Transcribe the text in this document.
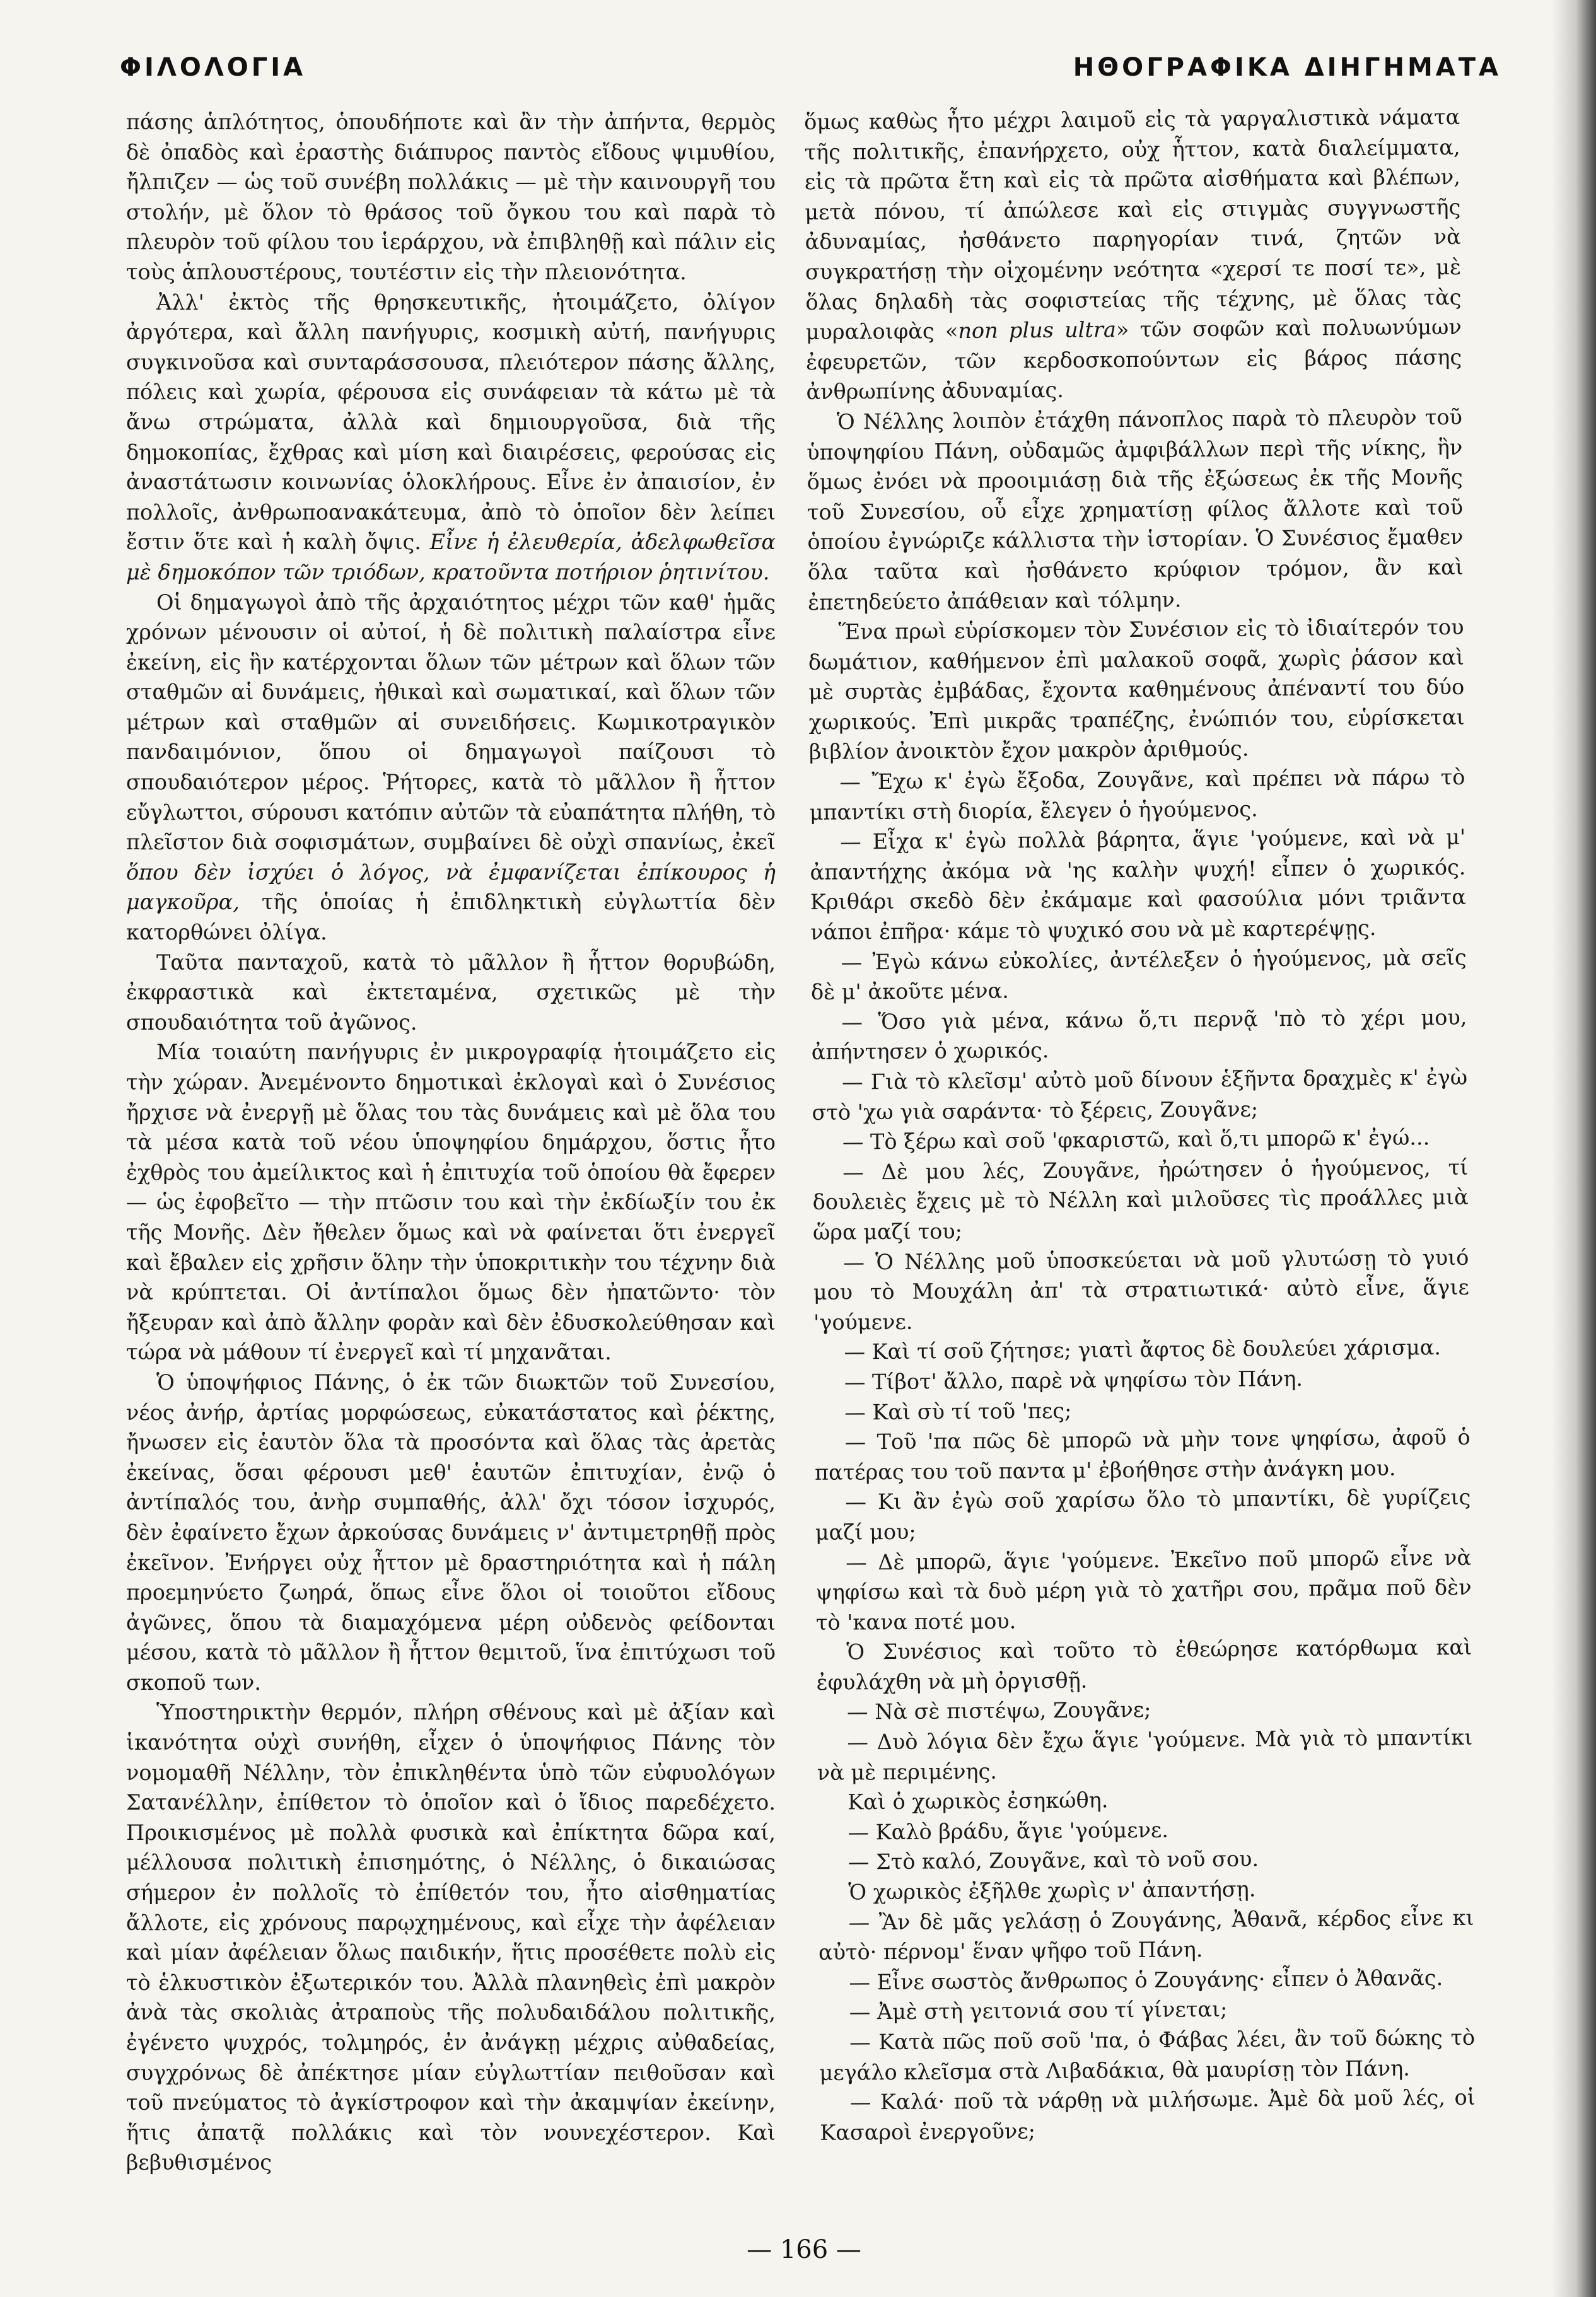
ΦΙΛΟΛΟΓΙΑ	ΗΘΟΓΡΑΦΙΚΑ ΔΙΗΓΗΜΑΤΑ

πάσης ἁπλότητος, ὁπουδήποτε καὶ ἂν τὴν ἀπήντα, θερμὸς δὲ ὀπαδὸς καὶ ἐραστὴς διάπυρος παντὸς εἴδους ψιμυθίου, ἤλπιζεν — ὡς τοῦ συνέβη πολλάκις — μὲ τὴν καινουργῆ του στολήν, μὲ ὅλον τὸ θράσος τοῦ ὄγκου του καὶ παρὰ τὸ πλευρὸν τοῦ φίλου του ἱεράρχου, νὰ ἐπιβληθῇ καὶ πάλιν εἰς τοὺς ἁπλουστέρους, τουτέστιν εἰς τὴν πλειονότητα.

Ἀλλ' ἐκτὸς τῆς θρησκευτικῆς, ἡτοιμάζετο, ὀλίγον ἀργότερα, καὶ ἄλλη πανήγυρις, κοσμικὴ αὐτή, πανήγυρις συγκινοῦσα καὶ συνταράσσουσα, πλειότερον πάσης ἄλλης, πόλεις καὶ χωρία, φέρουσα εἰς συνάφειαν τὰ κάτω μὲ τὰ ἄνω στρώματα, ἀλλὰ καὶ δημιουργοῦσα, διὰ τῆς δημοκοπίας, ἔχθρας καὶ μίση καὶ διαιρέσεις, φερούσας εἰς ἀναστάτωσιν κοινωνίας ὁλοκλήρους. Εἶνε ἐν ἀπαισίον, ἐν πολλοῖς, ἀνθρωποανακάτευμα, ἀπὸ τὸ ὁποῖον δὲν λείπει ἔστιν ὅτε καὶ ἡ καλὴ ὄψις. Εἶνε ἡ ἐλευθερία, ἀδελφωθεῖσα μὲ δημοκόπον τῶν τριόδων, κρατοῦντα ποτήριον ῥητινίτου.

Οἱ δημαγωγοὶ ἀπὸ τῆς ἀρχαιότητος μέχρι τῶν καθ' ἡμᾶς χρόνων μένουσιν οἱ αὐτοί, ἡ δὲ πολιτικὴ παλαίστρα εἶνε ἐκείνη, εἰς ἣν κατέρχονται ὅλων τῶν μέτρων καὶ ὅλων τῶν σταθμῶν αἱ δυνάμεις, ἠθικαὶ καὶ σωματικαί, καὶ ὅλων τῶν μέτρων καὶ σταθμῶν αἱ συνειδήσεις. Κωμικοτραγικὸν πανδαιμόνιον, ὅπου οἱ δημαγωγοὶ παίζουσι τὸ σπουδαιότερον μέρος. Ῥήτορες, κατὰ τὸ μᾶλλον ἢ ἧττον εὔγλωττοι, σύρουσι κατόπιν αὐτῶν τὰ εὐαπάτητα πλήθη, τὸ πλεῖστον διὰ σοφισμάτων, συμβαίνει δὲ οὐχὶ σπανίως, ἐκεῖ ὅπου δὲν ἰσχύει ὁ λόγος, νὰ ἐμφανίζεται ἐπίκουρος ἡ μαγκοῦρα, τῆς ὁποίας ἡ ἐπιδληκτικὴ εὐγλωττία δὲν κατορθώνει ὀλίγα.

Ταῦτα πανταχοῦ, κατὰ τὸ μᾶλλον ἢ ἧττον θορυβώδη, ἐκφραστικὰ καὶ ἐκτεταμένα, σχετικῶς μὲ τὴν σπουδαιότητα τοῦ ἀγῶνος.

Μία τοιαύτη πανήγυρις ἐν μικρογραφίᾳ ἡτοιμάζετο εἰς τὴν χώραν. Ἀνεμένοντο δημοτικαὶ ἐκλογαὶ καὶ ὁ Συνέσιος ἤρχισε νὰ ἐνεργῇ μὲ ὅλας του τὰς δυνάμεις καὶ μὲ ὅλα του τὰ μέσα κατὰ τοῦ νέου ὑποψηφίου δημάρχου, ὅστις ἦτο ἐχθρὸς του ἀμείλικτος καὶ ἡ ἐπιτυχία τοῦ ὁποίου θὰ ἔφερεν — ὡς ἐφοβεῖτο — τὴν πτῶσιν του καὶ τὴν ἐκδίωξίν του ἐκ τῆς Μονῆς. Δὲν ἤθελεν ὅμως καὶ νὰ φαίνεται ὅτι ἐνεργεῖ καὶ ἔβαλεν εἰς χρῆσιν ὅλην τὴν ὑποκριτικὴν του τέχνην διὰ νὰ κρύπτεται. Οἱ ἀντίπαλοι ὅμως δὲν ἠπατῶντο· τὸν ἤξευραν καὶ ἀπὸ ἄλλην φορὰν καὶ δὲν ἐδυσκολεύθησαν καὶ τώρα νὰ μάθουν τί ἐνεργεῖ καὶ τί μηχανᾶται.

Ὁ ὑποψήφιος Πάνης, ὁ ἐκ τῶν διωκτῶν τοῦ Συνεσίου, νέος ἀνήρ, ἀρτίας μορφώσεως, εὐκατάστατος καὶ ῥέκτης, ἤνωσεν εἰς ἑαυτὸν ὅλα τὰ προσόντα καὶ ὅλας τὰς ἀρετὰς ἐκείνας, ὅσαι φέρουσι μεθ' ἑαυτῶν ἐπιτυχίαν, ἐνῷ ὁ ἀντίπαλός του, ἀνὴρ συμπαθής, ἀλλ' ὄχι τόσον ἰσχυρός, δὲν ἐφαίνετο ἔχων ἀρκούσας δυνάμεις ν' ἀντιμετρηθῇ πρὸς ἐκεῖνον. Ἐνήργει οὐχ ἧττον μὲ δραστηριότητα καὶ ἡ πάλη προεμηνύετο ζωηρά, ὅπως εἶνε ὅλοι οἱ τοιοῦτοι εἴδους ἀγῶνες, ὅπου τὰ διαμαχόμενα μέρη οὐδενὸς φείδονται μέσου, κατὰ τὸ μᾶλλον ἢ ἧττον θεμιτοῦ, ἵνα ἐπιτύχωσι τοῦ σκοποῦ των.

Ὑποστηρικτὴν θερμόν, πλήρη σθένους καὶ μὲ ἀξίαν καὶ ἱκανότητα οὐχὶ συνήθη, εἶχεν ὁ ὑποψήφιος Πάνης τὸν νομομαθῆ Νέλλην, τὸν ἐπικληθέντα ὑπὸ τῶν εὐφυολόγων Σατανέλλην, ἐπίθετον τὸ ὁποῖον καὶ ὁ ἴδιος παρεδέχετο. Προικισμένος μὲ πολλὰ φυσικὰ καὶ ἐπίκτητα δῶρα καί, μέλλουσα πολιτικὴ ἐπισημότης, ὁ Νέλλης, ὁ δικαιώσας σήμερον ἐν πολλοῖς τὸ ἐπίθετόν του, ἦτο αἰσθηματίας ἄλλοτε, εἰς χρόνους παρῳχημένους, καὶ εἶχε τὴν ἀφέλειαν καὶ μίαν ἀφέλειαν ὅλως παιδικήν, ἥτις προσέθετε πολὺ εἰς τὸ ἑλκυστικὸν ἐξωτερικόν του. Ἀλλὰ πλανηθεὶς ἐπὶ μακρὸν ἀνὰ τὰς σκολιὰς ἀτραποὺς τῆς πολυδαιδάλου πολιτικῆς, ἐγένετο ψυχρός, τολμηρός, ἐν ἀνάγκῃ μέχρις αὐθαδείας, συγχρόνως δὲ ἀπέκτησε μίαν εὐγλωττίαν πειθοῦσαν καὶ τοῦ πνεύματος τὸ ἀγκίστροφον καὶ τὴν ἀκαμψίαν ἐκείνην, ἥτις ἀπατᾷ πολλάκις καὶ τὸν νουνεχέστερον. Καὶ βεβυθισμένος

ὅμως καθὼς ἦτο μέχρι λαιμοῦ εἰς τὰ γαργαλιστικὰ νάματα τῆς πολιτικῆς, ἐπανήρχετο, οὐχ ἧττον, κατὰ διαλείμματα, εἰς τὰ πρῶτα ἔτη καὶ εἰς τὰ πρῶτα αἰσθήματα καὶ βλέπων, μετὰ πόνου, τί ἀπώλεσε καὶ εἰς στιγμὰς συγγνωστῆς ἀδυναμίας, ἠσθάνετο παρηγορίαν τινά, ζητῶν νὰ συγκρατήσῃ τὴν οἰχομένην νεότητα «χερσί τε ποσί τε», μὲ ὅλας δηλαδὴ τὰς σοφιστείας τῆς τέχνης, μὲ ὅλας τὰς μυραλοιφὰς «non plus ultra» τῶν σοφῶν καὶ πολυωνύμων ἐφευρετῶν, τῶν κερδοσκοπούντων εἰς βάρος πάσης ἀνθρωπίνης ἀδυναμίας.

Ὁ Νέλλης λοιπὸν ἐτάχθη πάνοπλος παρὰ τὸ πλευρὸν τοῦ ὑποψηφίου Πάνη, οὐδαμῶς ἀμφιβάλλων περὶ τῆς νίκης, ἣν ὅμως ἐνόει νὰ προοιμιάσῃ διὰ τῆς ἐξώσεως ἐκ τῆς Μονῆς τοῦ Συνεσίου, οὗ εἶχε χρηματίσῃ φίλος ἄλλοτε καὶ τοῦ ὁποίου ἐγνώριζε κάλλιστα τὴν ἱστορίαν. Ὁ Συνέσιος ἔμαθεν ὅλα ταῦτα καὶ ἠσθάνετο κρύφιον τρόμον, ἂν καὶ ἐπετηδεύετο ἀπάθειαν καὶ τόλμην.

Ἕνα πρωὶ εὑρίσκομεν τὸν Συνέσιον εἰς τὸ ἰδιαίτερόν του δωμάτιον, καθήμενον ἐπὶ μαλακοῦ σοφᾶ, χωρὶς ῥάσον καὶ μὲ συρτὰς ἐμβάδας, ἔχοντα καθημένους ἀπέναντί του δύο χωρικούς. Ἐπὶ μικρᾶς τραπέζης, ἐνώπιόν του, εὑρίσκεται βιβλίον ἀνοικτὸν ἔχον μακρὸν ἀριθμούς.

— Ἔχω κ' ἐγὼ ἔξοδα, Ζουγᾶνε, καὶ πρέπει νὰ πάρω τὸ μπαντίκι στὴ διορία, ἔλεγεν ὁ ἡγούμενος.

— Εἶχα κ' ἐγὼ πολλὰ βάρητα, ἅγιε 'γούμενε, καὶ νὰ μ' ἀπαντήχης ἀκόμα νὰ 'ης καλὴν ψυχή! εἶπεν ὁ χωρικός. Κριθάρι σκεδὸ δὲν ἐκάμαμε καὶ φασούλια μόνι τριᾶντα νάποι ἐπῆρα· κάμε τὸ ψυχικό σου νὰ μὲ καρτερέψῃς.

— Ἐγὼ κάνω εὐκολίες, ἀντέλεξεν ὁ ἡγούμενος, μὰ σεῖς δὲ μ' ἀκοῦτε μένα.

— Ὅσο γιὰ μένα, κάνω ὅ,τι περνᾷ 'πὸ τὸ χέρι μου, ἀπήντησεν ὁ χωρικός.

— Γιὰ τὸ κλεῖσμ' αὐτὸ μοῦ δίνουν ἑξῆντα δραχμὲς κ' ἐγὼ στὸ 'χω γιὰ σαράντα· τὸ ξέρεις, Ζουγᾶνε;

— Τὸ ξέρω καὶ σοῦ 'φκαριστῶ, καὶ ὅ,τι μπορῶ κ' ἐγώ...

— Δὲ μου λές, Ζουγᾶνε, ἠρώτησεν ὁ ἡγούμενος, τί δουλειὲς ἔχεις μὲ τὸ Νέλλη καὶ μιλοῦσες τὶς προάλλες μιὰ ὥρα μαζί του;

— Ὁ Νέλλης μοῦ ὑποσκεύεται νὰ μοῦ γλυτώσῃ τὸ γυιό μου τὸ Μουχάλη ἀπ' τὰ στρατιωτικά· αὐτὸ εἶνε, ἅγιε 'γούμενε.

— Καὶ τί σοῦ ζήτησε; γιατὶ ἄφτος δὲ δουλεύει χάρισμα.

— Τίβοτ' ἄλλο, παρὲ νὰ ψηφίσω τὸν Πάνη.

— Καὶ σὺ τί τοῦ 'πες;

— Τοῦ 'πα πῶς δὲ μπορῶ νὰ μὴν τονε ψηφίσω, ἀφοῦ ὁ πατέρας του τοῦ παντα μ' ἐβοήθησε στὴν ἀνάγκη μου.

— Κι ἂν ἐγὼ σοῦ χαρίσω ὅλο τὸ μπαντίκι, δὲ γυρίζεις μαζί μου;

— Δὲ μπορῶ, ἅγιε 'γούμενε. Ἐκεῖνο ποῦ μπορῶ εἶνε νὰ ψηφίσω καὶ τὰ δυὸ μέρη γιὰ τὸ χατῆρι σου, πρᾶμα ποῦ δὲν τὸ 'κανα ποτέ μου.

Ὁ Συνέσιος καὶ τοῦτο τὸ ἐθεώρησε κατόρθωμα καὶ ἐφυλάχθη νὰ μὴ ὀργισθῇ.

— Νὰ σὲ πιστέψω, Ζουγᾶνε;

— Δυὸ λόγια δὲν ἔχω ἅγιε 'γούμενε. Μὰ γιὰ τὸ μπαντίκι νὰ μὲ περιμένης.

Καὶ ὁ χωρικὸς ἐσηκώθη.

— Καλὸ βράδυ, ἅγιε 'γούμενε.

— Στὸ καλό, Ζουγᾶνε, καὶ τὸ νοῦ σου.

Ὁ χωρικὸς ἐξῆλθε χωρὶς ν' ἀπαντήσῃ.

— Ἂν δὲ μᾶς γελάσῃ ὁ Ζουγάνης, Ἀθανᾶ, κέρδος εἶνε κι αὐτὸ· πέρνομ' ἕναν ψῆφο τοῦ Πάνη.

— Εἶνε σωστὸς ἄνθρωπος ὁ Ζουγάνης· εἶπεν ὁ Ἀθανᾶς.

— Ἀμὲ στὴ γειτονιά σου τί γίνεται;

— Κατὰ πῶς ποῦ σοῦ 'πα, ὁ Φάβας λέει, ἂν τοῦ δώκης τὸ μεγάλο κλεῖσμα στὰ Λιβαδάκια, θὰ μαυρίσῃ τὸν Πάνη.

— Καλά· ποῦ τὰ νάρθῃ νὰ μιλήσωμε. Ἀμὲ δὰ μοῦ λές, οἱ Κασαροὶ ἐνεργοῦνε;

— 166 —
